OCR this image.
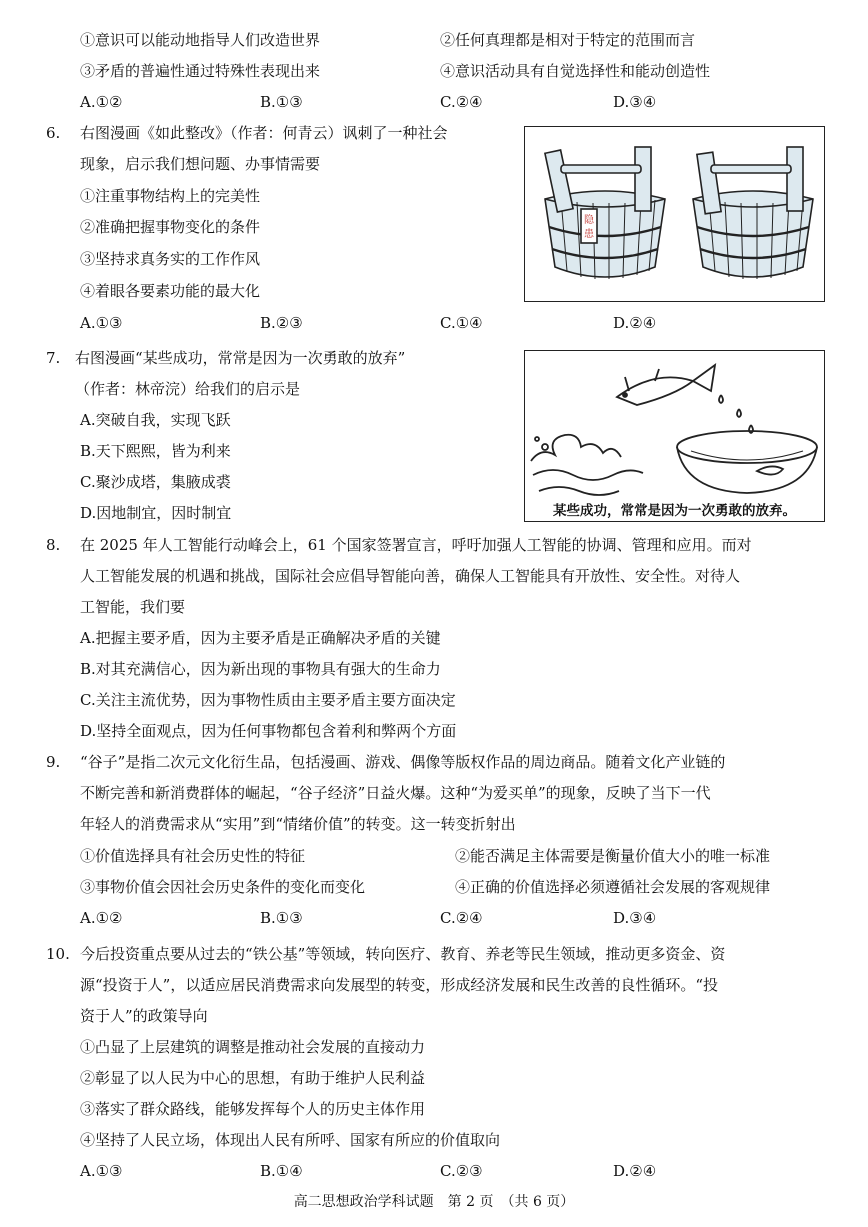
①意识可以能动地指导人们改造世界	②任何真理都是相对于特定的范围而言
③矛盾的普遍性通过特殊性表现出来	④意识活动具有自觉选择性和能动创造性
A.①②	B.①③	C.②④	D.③④
6. 右图漫画《如此整改》（作者：何青云）讽刺了一种社会
现象，启示我们想问题、办事情需要
①注重事物结构上的完美性
②准确把握事物变化的条件
③坚持求真务实的工作作风
④着眼各要素功能的最大化
A.①③	B.②③	C.①④	D.②④
隐
患
7. 右图漫画“某些成功，常常是因为一次勇敢的放弃”
（作者：林帝浣）给我们的启示是
A.突破自我，实现飞跃
B.天下熙熙，皆为利来
C.聚沙成塔，集腋成裘
D.因地制宜，因时制宜	某些成功，常常是因为一次勇敢的放弃。
8. 在 2025 年人工智能行动峰会上，61 个国家签署宣言，呼吁加强人工智能的协调、管理和应用。而对
人工智能发展的机遇和挑战，国际社会应倡导智能向善，确保人工智能具有开放性、安全性。对待人
工智能，我们要
A.把握主要矛盾，因为主要矛盾是正确解决矛盾的关键
B.对其充满信心，因为新出现的事物具有强大的生命力
C.关注主流优势，因为事物性质由主要矛盾主要方面决定
D.坚持全面观点，因为任何事物都包含着利和弊两个方面
9. “谷子”是指二次元文化衍生品，包括漫画、游戏、偶像等版权作品的周边商品。随着文化产业链的
不断完善和新消费群体的崛起，“谷子经济”日益火爆。这种“为爱买单”的现象，反映了当下一代
年轻人的消费需求从“实用”到“情绪价值”的转变。这一转变折射出
①价值选择具有社会历史性的特征	②能否满足主体需要是衡量价值大小的唯一标准
③事物价值会因社会历史条件的变化而变化	④正确的价值选择必须遵循社会发展的客观规律
A.①②	B.①③	C.②④	D.③④
10. 今后投资重点要从过去的“铁公基”等领域，转向医疗、教育、养老等民生领域，推动更多资金、资
源“投资于人”，以适应居民消费需求向发展型的转变，形成经济发展和民生改善的良性循环。“投
资于人”的政策导向
①凸显了上层建筑的调整是推动社会发展的直接动力
②彰显了以人民为中心的思想，有助于维护人民利益
③落实了群众路线，能够发挥每个人的历史主体作用
④坚持了人民立场，体现出人民有所呼、国家有所应的价值取向
A.①③	B.①④	C.②③	D.②④
高二思想政治学科试题　第 2 页　（共 6 页）
